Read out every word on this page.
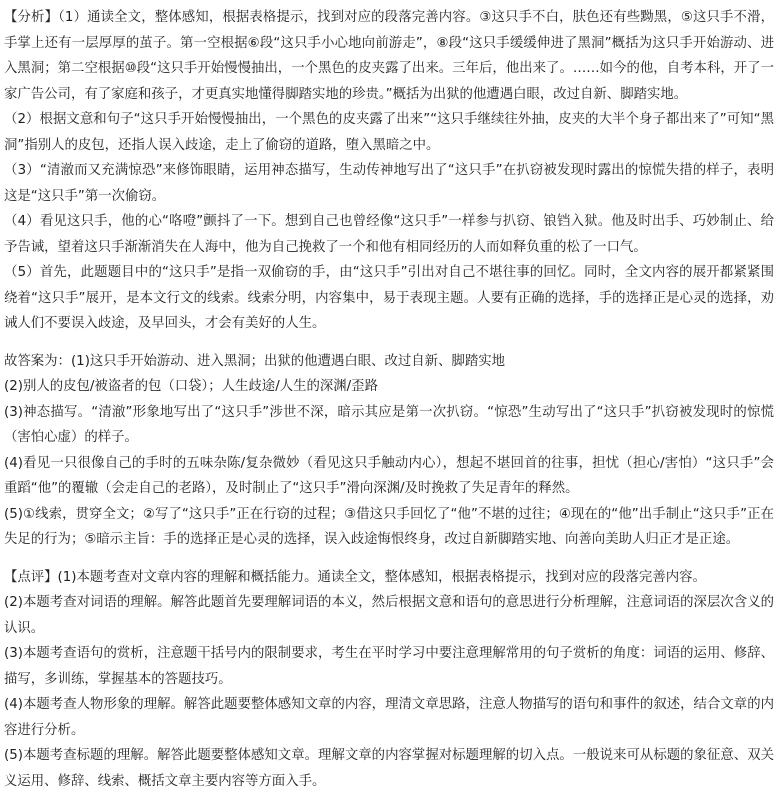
【分析】（1）通读全文，整体感知，根据表格提示，找到对应的段落完善内容。③这只手不白，肤色还有些黝黑，⑤这只手不滑，手掌上还有一层厚厚的茧子。第一空根据⑥段“这只手小心地向前游走”，⑧段“这只手缓缓伸进了黑洞”概括为这只手开始游动、进入黑洞；第二空根据⑩段“这只手开始慢慢抽出，一个黑色的皮夹露了出来。三年后，他出来了。……如今的他，自考本科，开了一家广告公司，有了家庭和孩子，才更真实地懂得脚踏实地的珍贵。”概括为出狱的他遭遇白眼，改过自新、脚踏实地。

（2）根据文意和句子“这只手开始慢慢抽出，一个黑色的皮夹露了出来”“这只手继续往外抽，皮夹的大半个身子都出来了”可知“黑洞”指别人的皮包，还指人误入歧途，走上了偷窃的道路，堕入黑暗之中。

（3）“清澈而又充满惊恐”来修饰眼睛，运用神态描写，生动传神地写出了“这只手”在扒窃被发现时露出的惊慌失措的样子，表明这是“这只手”第一次偷窃。

（4）看见这只手，他的心“咯噔”颤抖了一下。想到自己也曾经像“这只手”一样参与扒窃、锒铛入狱。他及时出手、巧妙制止、给予告诫，望着这只手渐渐消失在人海中，他为自己挽救了一个和他有相同经历的人而如释负重的松了一口气。

（5）首先，此题题目中的“这只手”是指一双偷窃的手，由“这只手”引出对自己不堪往事的回忆。同时，全文内容的展开都紧紧围绕着“这只手”展开，是本文行文的线索。线索分明，内容集中，易于表现主题。人要有正确的选择，手的选择正是心灵的选择，劝诫人们不要误入歧途，及早回头，才会有美好的人生。

故答案为：(1)这只手开始游动、进入黑洞；出狱的他遭遇白眼、改过自新、脚踏实地

(2)别人的皮包/被盗者的包（口袋）；人生歧途/人生的深渊/歪路

(3)神态描写。“清澈”形象地写出了“这只手”涉世不深，暗示其应是第一次扒窃。“惊恐”生动写出了“这只手”扒窃被发现时的惊慌（害怕心虚）的样子。

(4)看见一只很像自己的手时的五味杂陈/复杂微妙（看见这只手触动内心），想起不堪回首的往事，担忧（担心/害怕）“这只手”会重蹈“他”的覆辙（会走自己的老路），及时制止了“这只手”滑向深渊/及时挽救了失足青年的释然。

(5)①线索，贯穿全文；②写了“这只手”正在行窃的过程；③借这只手回忆了“他”不堪的过往；④现在的“他”出手制止“这只手”正在失足的行为；⑤暗示主旨：手的选择正是心灵的选择，误入歧途悔恨终身，改过自新脚踏实地、向善向美助人归正才是正途。

【点评】(1)本题考查对文章内容的理解和概括能力。通读全文，整体感知，根据表格提示，找到对应的段落完善内容。

(2)本题考查对词语的理解。解答此题首先要理解词语的本义，然后根据文意和语句的意思进行分析理解，注意词语的深层次含义的认识。

(3)本题考查语句的赏析，注意题干括号内的限制要求，考生在平时学习中要注意理解常用的句子赏析的角度：词语的运用、修辞、描写，多训练，掌握基本的答题技巧。

(4)本题考查人物形象的理解。解答此题要整体感知文章的内容，理清文章思路，注意人物描写的语句和事件的叙述，结合文章的内容进行分析。

(5)本题考查标题的理解。解答此题要整体感知文章。理解文章的内容掌握对标题理解的切入点。一般说来可从标题的象征意、双关义运用、修辞、线索、概括文章主要内容等方面入手。
